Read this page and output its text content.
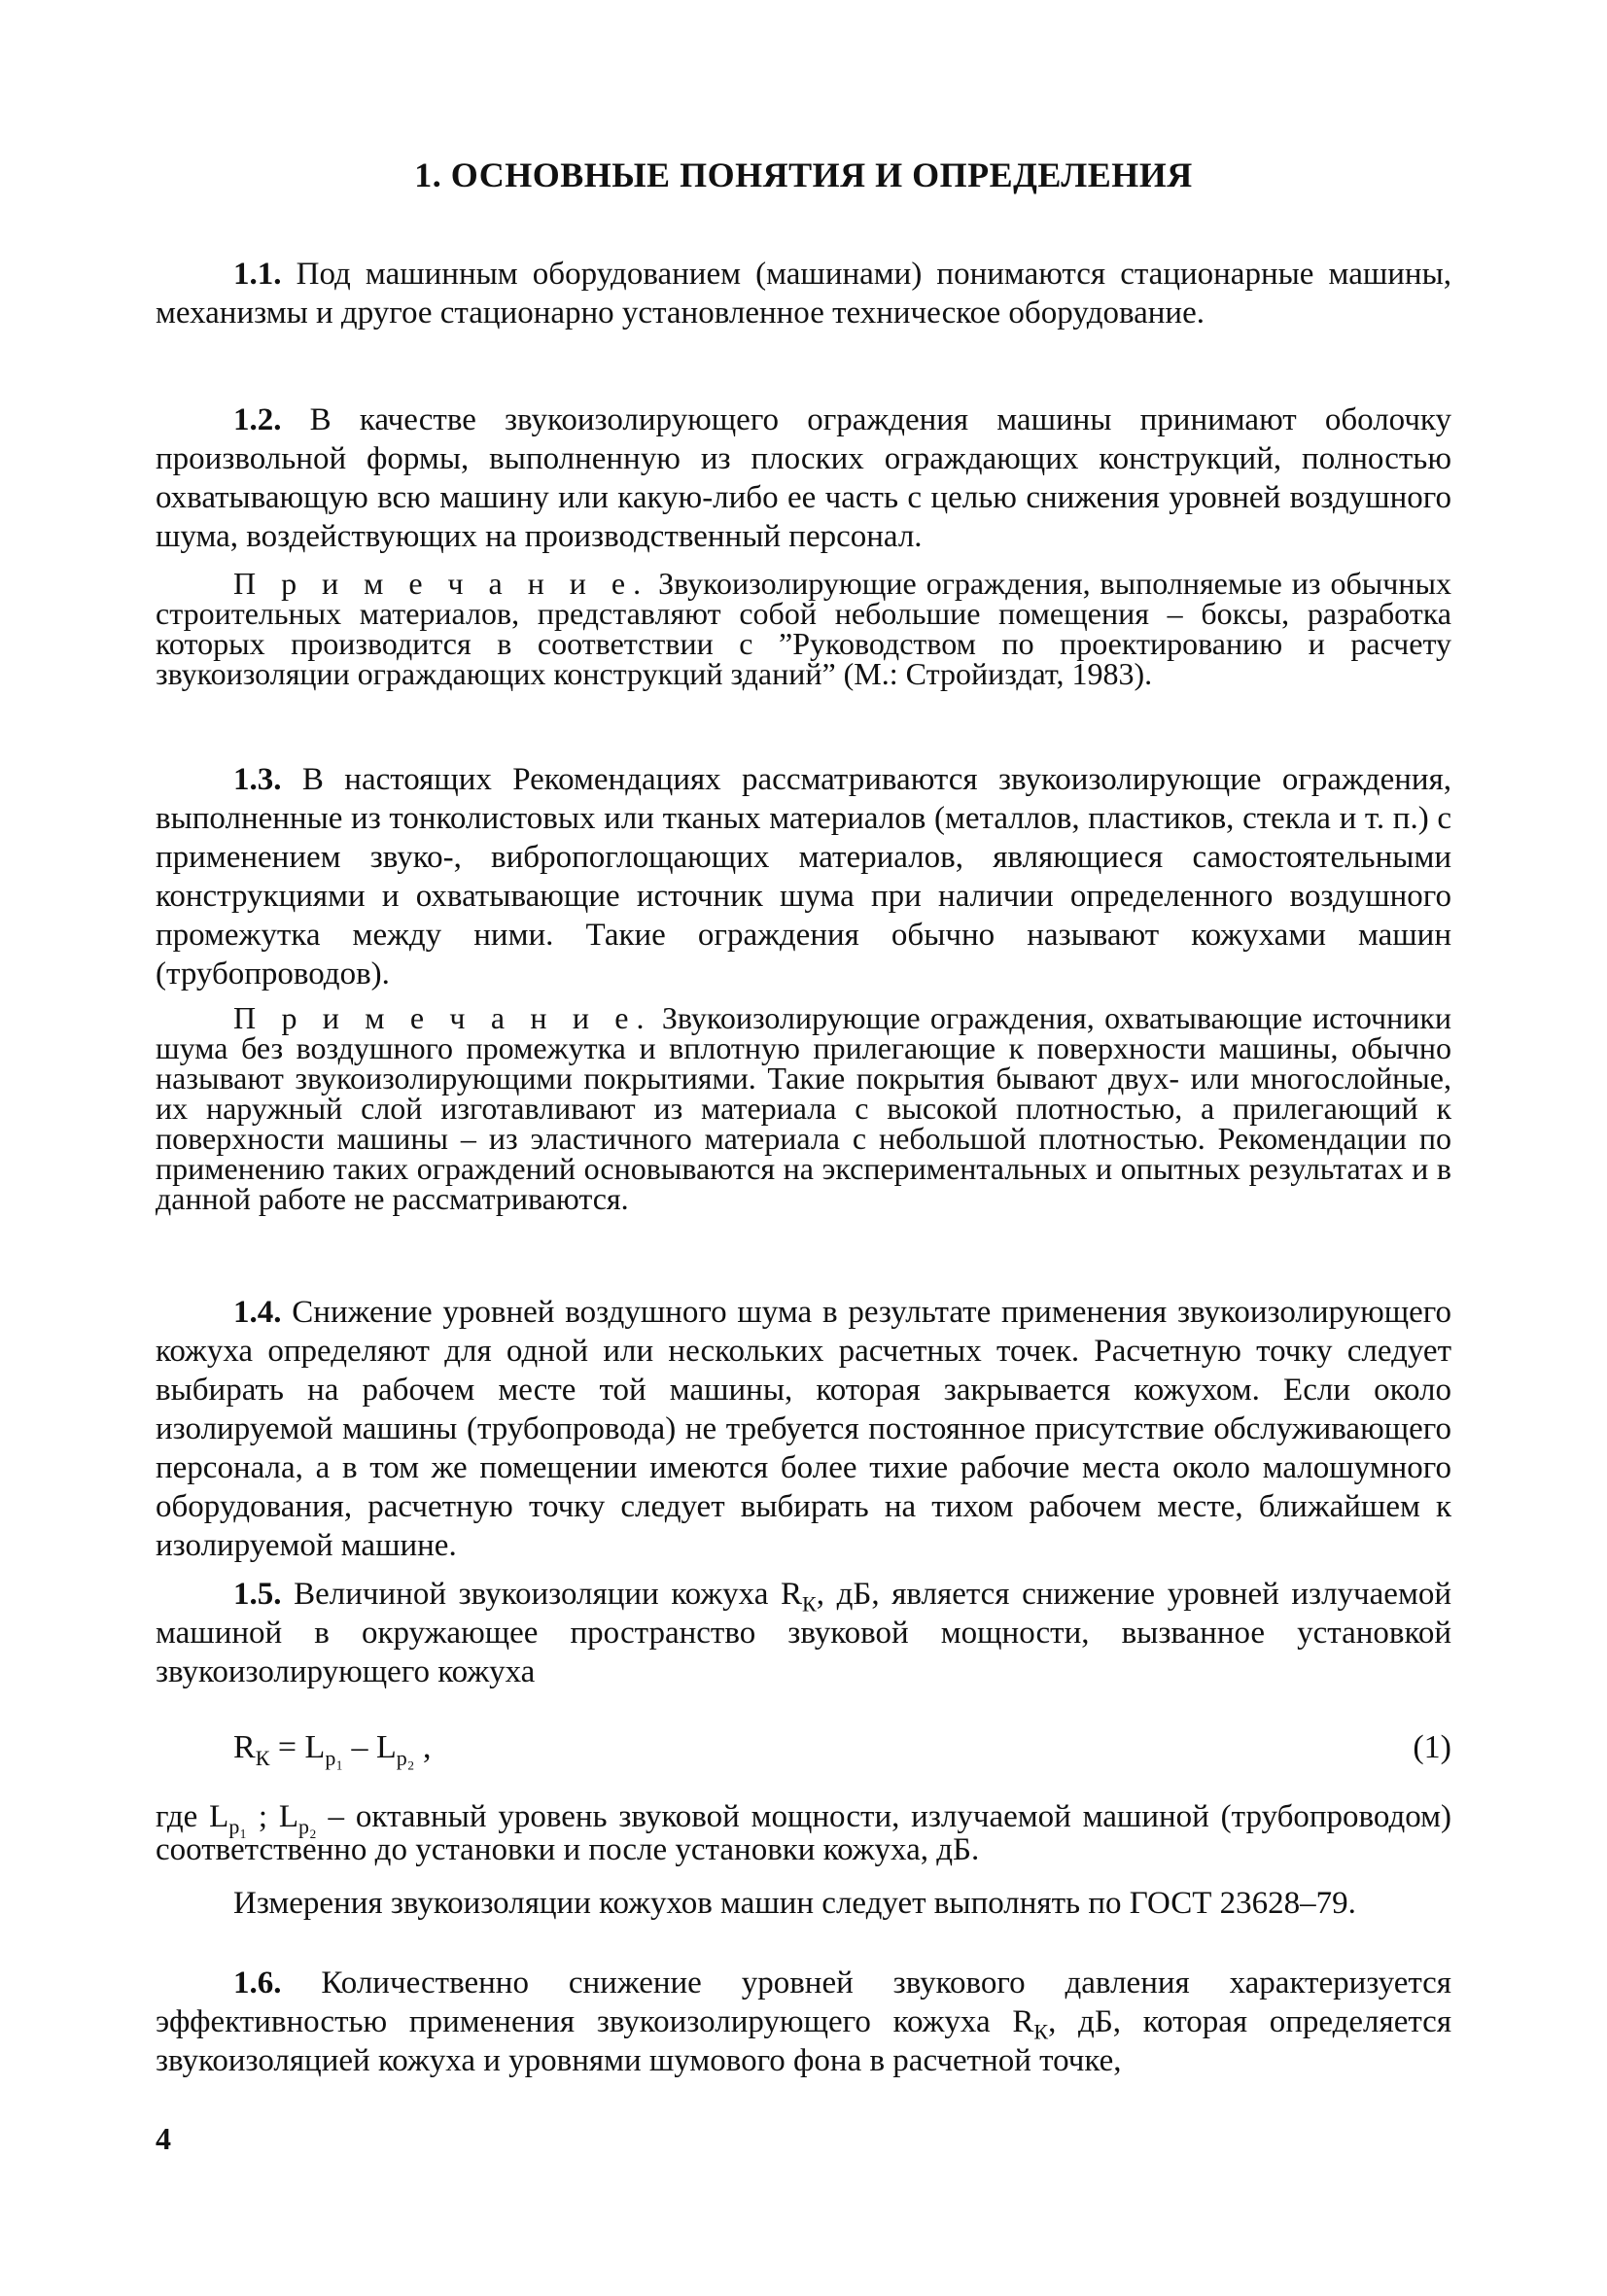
1. ОСНОВНЫЕ ПОНЯТИЯ И ОПРЕДЕЛЕНИЯ

1.1. Под машинным оборудованием (машинами) понимаются стационарные машины, механизмы и другое стационарно установленное техническое оборудование.

1.2. В качестве звукоизолирующего ограждения машины принимают оболочку произвольной формы, выполненную из плоских ограждающих конструкций, полностью охватывающую всю машину или какую-либо ее часть с целью снижения уровней воздушного шума, воздействующих на производственный персонал.

П р и м е ч а н и е. Звукоизолирующие ограждения, выполняемые из обычных строительных материалов, представляют собой небольшие помещения – боксы, разработка которых производится в соответствии с ”Руководством по проектированию и расчету звукоизоляции ограждающих конструкций зданий” (М.: Стройиздат, 1983).

1.3. В настоящих Рекомендациях рассматриваются звукоизолирующие ограждения, выполненные из тонколистовых или тканых материалов (металлов, пластиков, стекла и т. п.) с применением звуко-, вибропоглощающих материалов, являющиеся самостоятельными конструкциями и охватывающие источник шума при наличии определенного воздушного промежутка между ними. Такие ограждения обычно называют кожухами машин (трубопроводов).

П р и м е ч а н и е. Звукоизолирующие ограждения, охватывающие источники шума без воздушного промежутка и вплотную прилегающие к поверхности машины, обычно называют звукоизолирующими покрытиями. Такие покрытия бывают двух- или многослойные, их наружный слой изготавливают из материала с высокой плотностью, а прилегающий к поверхности машины – из эластичного материала с небольшой плотностью. Рекомендации по применению таких ограждений основываются на экспериментальных и опытных результатах и в данной работе не рассматриваются.

1.4. Снижение уровней воздушного шума в результате применения звукоизолирующего кожуха определяют для одной или нескольких расчетных точек. Расчетную точку следует выбирать на рабочем месте той машины, которая закрывается кожухом. Если около изолируемой машины (трубопровода) не требуется постоянное присутствие обслуживающего персонала, а в том же помещении имеются более тихие рабочие места около малошумного оборудования, расчетную точку следует выбирать на тихом рабочем месте, ближайшем к изолируемой машине.

1.5. Величиной звукоизоляции кожуха $R_К$, дБ, является снижение уровней излучаемой машиной в окружающее пространство звуковой мощности, вызванное установкой звукоизолирующего кожуха

$R_К = L_{p_1} - L_{p_2}$ ,	(1)

где $L_{p_1}$ ; $L_{p_2}$ – октавный уровень звуковой мощности, излучаемой машиной (трубопроводом) соответственно до установки и после установки кожуха, дБ.

Измерения звукоизоляции кожухов машин следует выполнять по ГОСТ 23628–79.

1.6. Количественно снижение уровней звукового давления характеризуется эффективностью применения звукоизолирующего кожуха $R_К$, дБ, которая определяется звукоизоляцией кожуха и уровнями шумового фона в расчетной точке,

4
